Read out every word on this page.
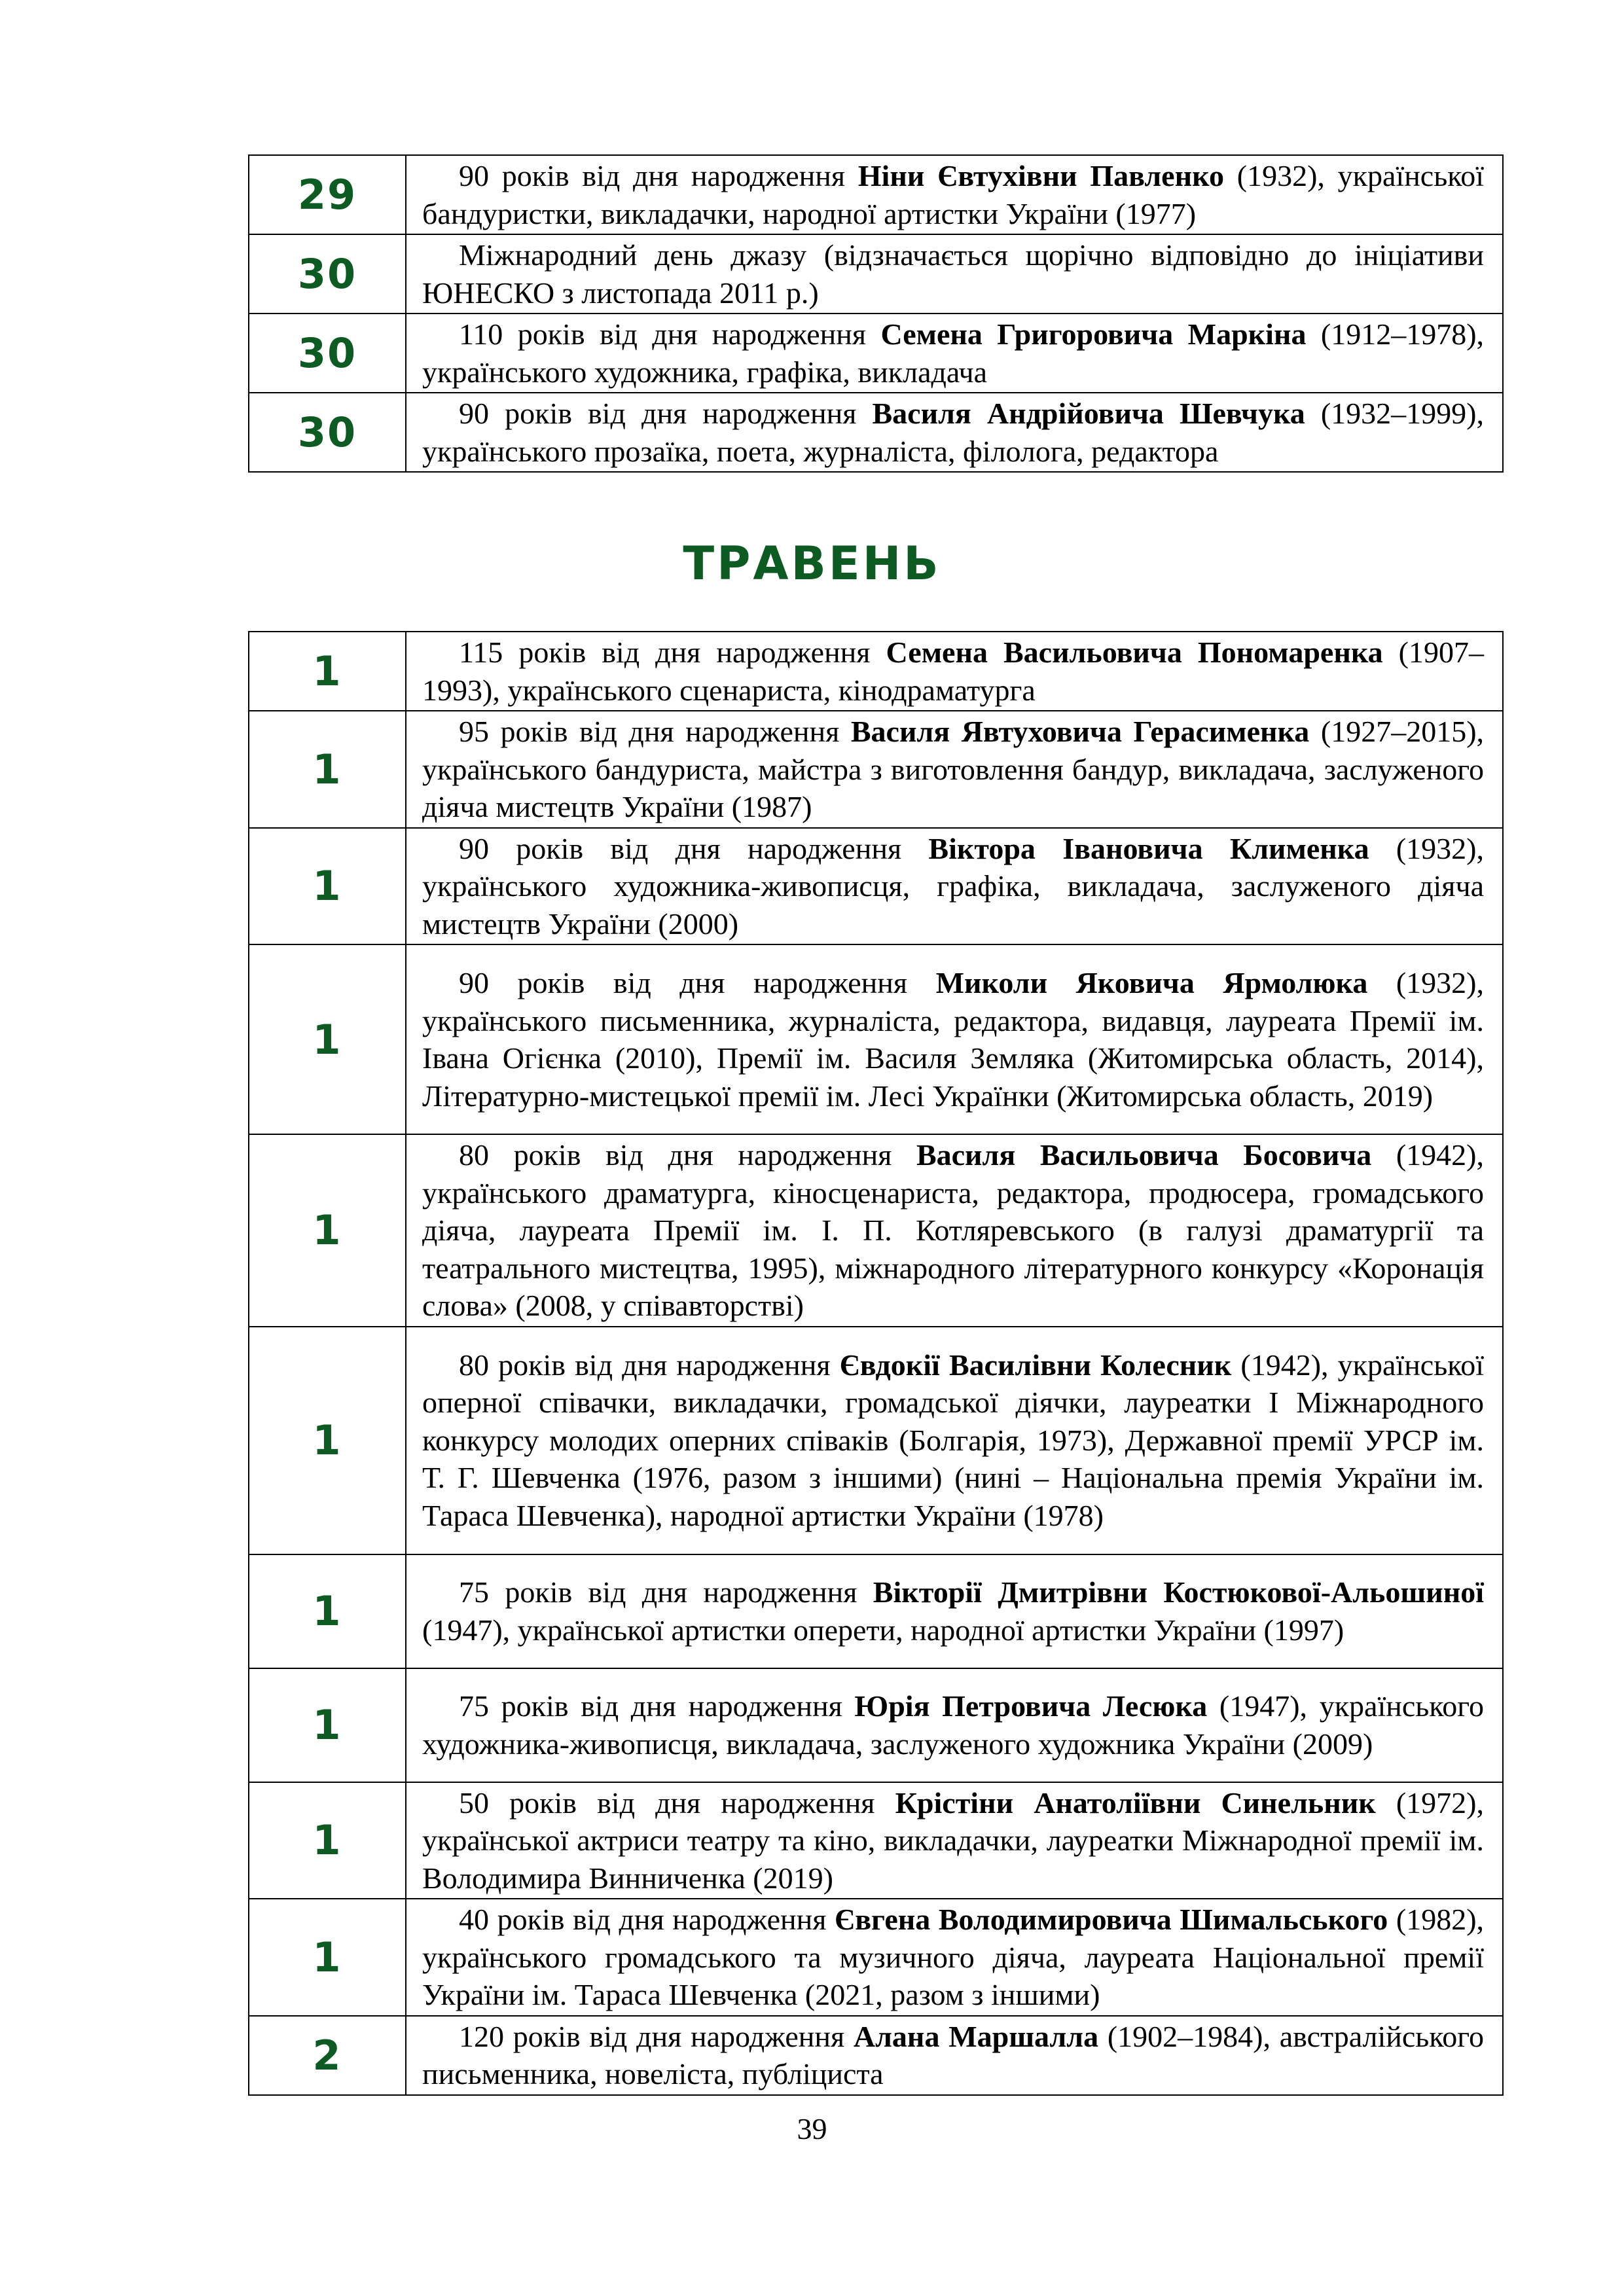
29	90 років від дня народження Ніни Євтухівни Павленко (1932), української бандуристки, викладачки, народної артистки України (1977)

30	Міжнародний день джазу (відзначається щорічно відповідно до ініціативи ЮНЕСКО з листопада 2011 р.)

30	110 років від дня народження Семена Григоровича Маркіна (1912–1978), українського художника, графіка, викладача

30	90 років від дня народження Василя Андрійовича Шевчука (1932–1999), українського прозаїка, поета, журналіста, філолога, редактора
ТРАВЕНЬ
1	115 років від дня народження Семена Васильовича Пономаренка (1907–1993), українського сценариста, кінодраматурга

1	95 років від дня народження Василя Явтуховича Герасименка (1927–2015), українського бандуриста, майстра з виготовлення бандур, викладача, заслуженого діяча мистецтв України (1987)

1	90 років від дня народження Віктора Івановича Клименка (1932), українського художника-живописця, графіка, викладача, заслуженого діяча мистецтв України (2000)

1	90 років від дня народження Миколи Яковича Ярмолюка (1932), українського письменника, журналіста, редактора, видавця, лауреата Премії ім. Івана Огієнка (2010), Премії ім. Василя Земляка (Житомирська область, 2014), Літературно-мистецької премії ім. Лесі Українки (Житомирська область, 2019)

1	80 років від дня народження Василя Васильовича Босовича (1942), українського драматурга, кіносценариста, редактора, продюсера, громадського діяча, лауреата Премії ім. І. П. Котляревського (в галузі драматургії та театрального мистецтва, 1995), міжнародного літературного конкурсу «Коронація слова» (2008, у співавторстві)

1	80 років від дня народження Євдокії Василівни Колесник (1942), української оперної співачки, викладачки, громадської діячки, лауреатки І Міжнародного конкурсу молодих оперних співаків (Болгарія, 1973), Державної премії УРСР ім. Т. Г. Шевченка (1976, разом з іншими) (нині – Національна премія України ім. Тараса Шевченка), народної артистки України (1978)

1	75 років від дня народження Вікторії Дмитрівни Костюкової-Альошиної (1947), української артистки оперети, народної артистки України (1997)

1	75 років від дня народження Юрія Петровича Лесюка (1947), українського художника-живописця, викладача, заслуженого художника України (2009)

1	50 років від дня народження Крістіни Анатоліївни Синельник (1972), української актриси театру та кіно, викладачки, лауреатки Міжнародної премії ім. Володимира Винниченка (2019)

1	40 років від дня народження Євгена Володимировича Шимальського (1982), українського громадського та музичного діяча, лауреата Національної премії України ім. Тараса Шевченка (2021, разом з іншими)

2	120 років від дня народження Алана Маршалла (1902–1984), австралійського письменника, новеліста, публіциста
39
